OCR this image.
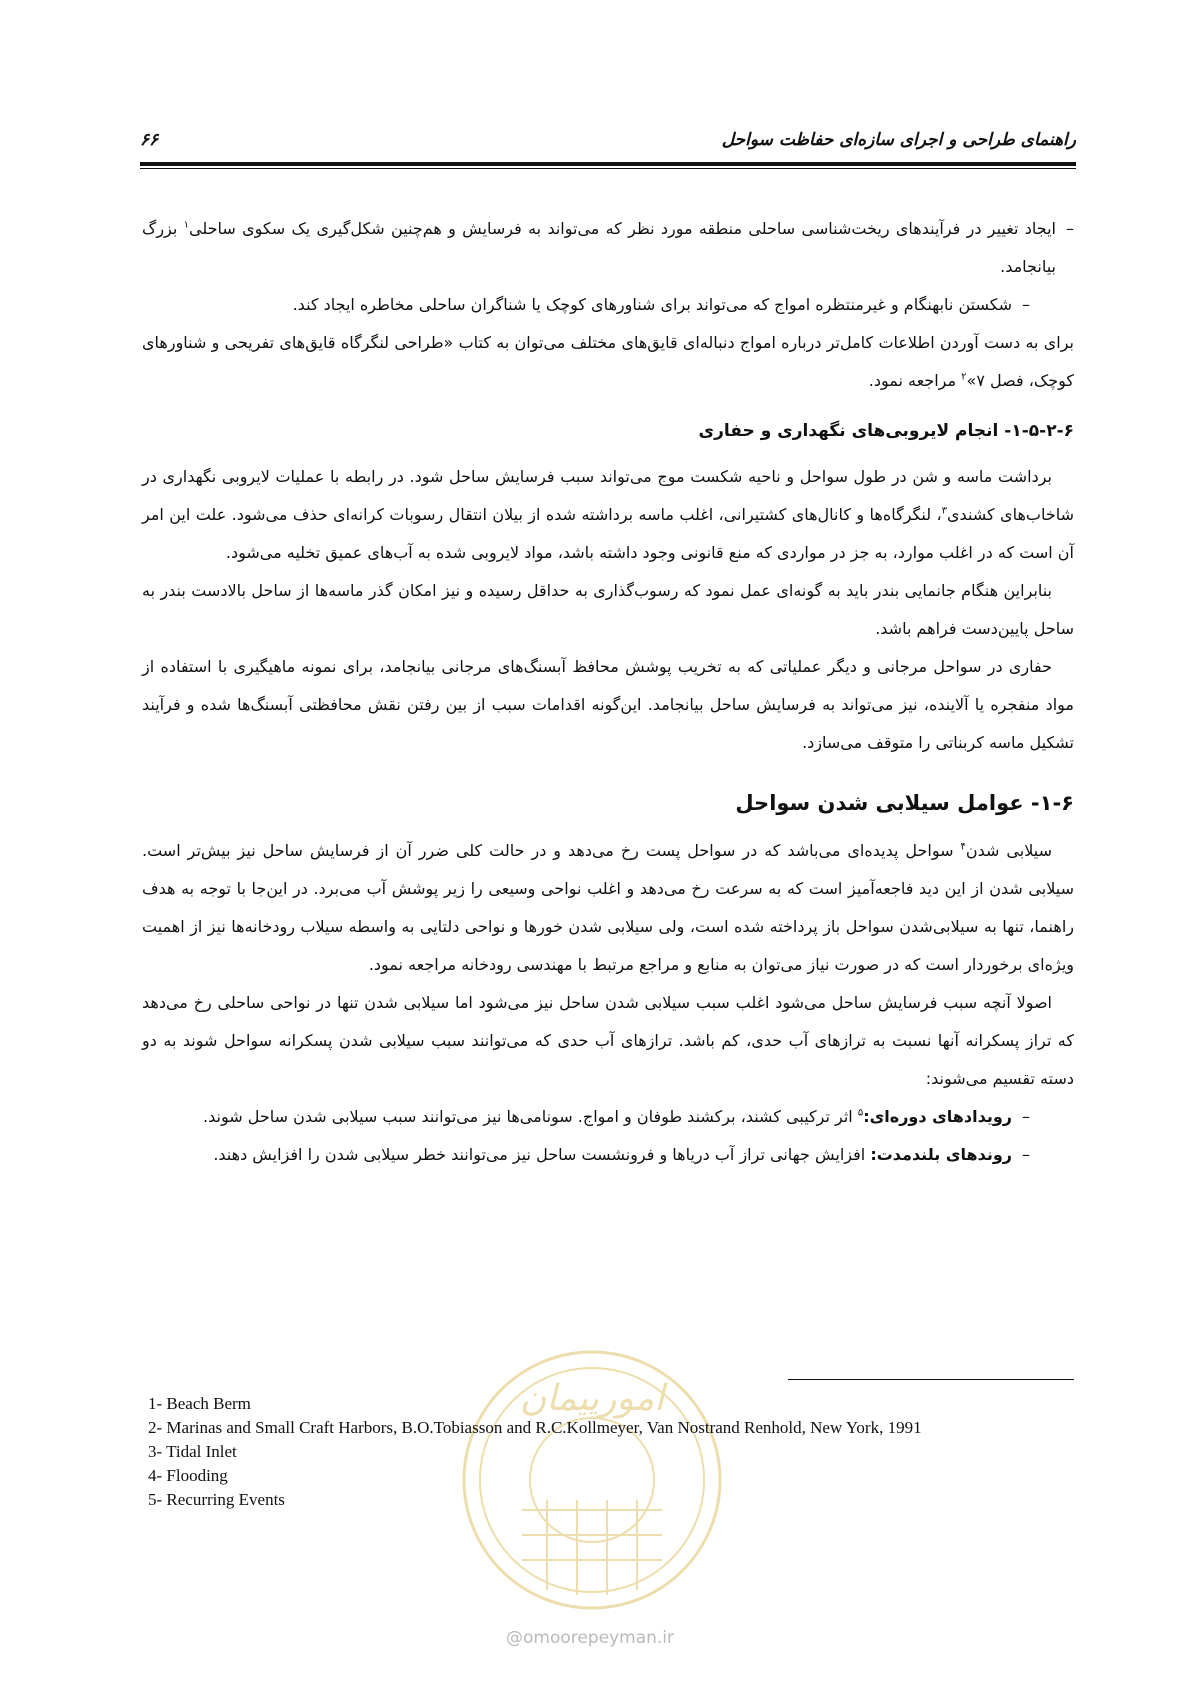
راهنمای طراحی و اجرای سازه‌ای حفاظت سواحل
۶۶

– ایجاد تغییر در فرآیندهای ریخت‌شناسی ساحلی منطقه مورد نظر که می‌تواند به فرسایش و هم‌چنین شکل‌گیری یک سکوی ساحلی$^۱$ بزرگ بیانجامد.

– شکستن نابهنگام و غیرمنتظره امواج که می‌تواند برای شناورهای کوچک یا شناگران ساحلی مخاطره ایجاد کند.

برای به دست آوردن اطلاعات کامل‌تر درباره امواج دنباله‌ای قایق‌های مختلف می‌توان به کتاب «طراحی لنگرگاه قایق‌های تفریحی و شناورهای کوچک، فصل ۷»$^۲$ مراجعه نمود.

۱-۵-۲-۶- انجام لایروبی‌های نگهداری و حفاری

برداشت ماسه و شن در طول سواحل و ناحیه شکست موج می‌تواند سبب فرسایش ساحل شود. در رابطه با عملیات لایروبی نگهداری در شاخاب‌های کشندی$^۳$، لنگرگاه‌ها و کانال‌های کشتیرانی، اغلب ماسه برداشته شده از بیلان انتقال رسوبات کرانه‌ای حذف می‌شود. علت این امر آن است که در اغلب موارد، به جز در مواردی که منع قانونی وجود داشته باشد، مواد لایروبی شده به آب‌های عمیق تخلیه می‌شود.

بنابراین هنگام جانمایی بندر باید به گونه‌ای عمل نمود که رسوب‌گذاری به حداقل رسیده و نیز امکان گذر ماسه‌ها از ساحل بالادست بندر به ساحل پایین‌دست فراهم باشد.

حفاری در سواحل مرجانی و دیگر عملیاتی که به تخریب پوشش محافظ آبسنگ‌های مرجانی بیانجامد، برای نمونه ماهیگیری با استفاده از مواد منفجره یا آلاینده، نیز می‌تواند به فرسایش ساحل بیانجامد. این‌گونه اقدامات سبب از بین رفتن نقش محافظتی آبسنگ‌ها شده و فرآیند تشکیل ماسه کربناتی را متوقف می‌سازد.

۱-۶- عوامل سیلابی شدن سواحل

سیلابی شدن$^۴$ سواحل پدیده‌ای می‌باشد که در سواحل پست رخ می‌دهد و در حالت کلی ضرر آن از فرسایش ساحل نیز بیش‌تر است. سیلابی شدن از این دید فاجعه‌آمیز است که به سرعت رخ می‌دهد و اغلب نواحی وسیعی را زیر پوشش آب می‌برد. در این‌جا با توجه به هدف راهنما، تنها به سیلابی‌شدن سواحل باز پرداخته شده است، ولی سیلابی شدن خورها و نواحی دلتایی به واسطه سیلاب رودخانه‌ها نیز از اهمیت ویژه‌ای برخوردار است که در صورت نیاز می‌توان به منابع و مراجع مرتبط با مهندسی رودخانه مراجعه نمود.

اصولا آنچه سبب فرسایش ساحل می‌شود اغلب سبب سیلابی شدن ساحل نیز می‌شود اما سیلابی شدن تنها در نواحی ساحلی رخ می‌دهد که تراز پسکرانه آنها نسبت به ترازهای آب حدی، کم باشد. ترازهای آب حدی که می‌توانند سبب سیلابی شدن پسکرانه سواحل شوند به دو دسته تقسیم می‌شوند:

– رویدادهای دوره‌ای:$^۵$ اثر ترکیبی کشند، برکشند طوفان و امواج. سونامی‌ها نیز می‌توانند سبب سیلابی شدن ساحل شوند.

– روندهای بلندمدت: افزایش جهانی تراز آب دریاها و فرونشست ساحل نیز می‌توانند خطر سیلابی شدن را افزایش دهند.

امورپیمان
@omoorepeyman.ir
1- Beach Berm
2- Marinas and Small Craft Harbors, B.O.Tobiasson and R.C.Kollmeyer, Van Nostrand Renhold, New York, 1991
3- Tidal Inlet
4- Flooding
5- Recurring Events
